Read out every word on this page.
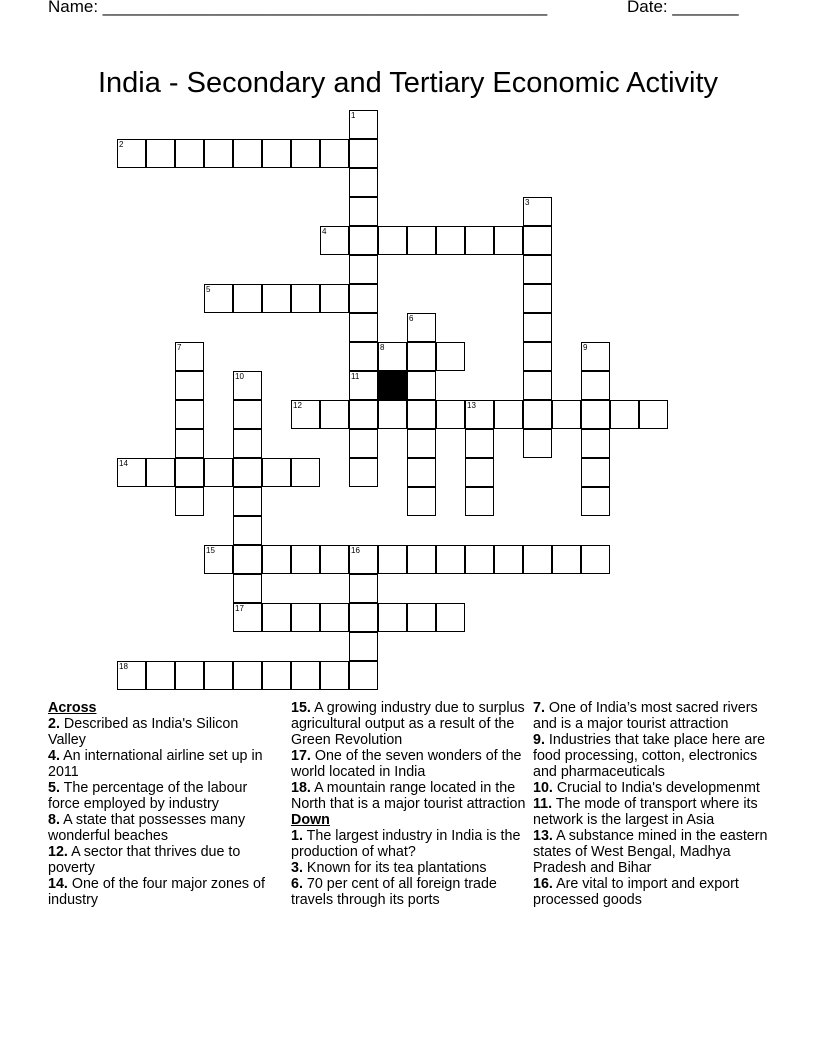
Name: _______________________________________________	Date: _______
India - Secondary and Tertiary Economic Activity
1
2
3
4
5
6
7	8	9
10	11
12	13
14
15	16
17
18
Across
2. Described as India's Silicon Valley
4. An international airline set up in 2011
5. The percentage of the labour force employed by industry
8. A state that possesses many wonderful beaches
12. A sector that thrives due to poverty
14. One of the four major zones of industry
15. A growing industry due to surplus agricultural output as a result of the Green Revolution
17. One of the seven wonders of the world located in India
18. A mountain range located in the North that is a major tourist attraction
Down
1. The largest industry in India is the production of what?
3. Known for its tea plantations
6. 70 per cent of all foreign trade travels through its ports
7. One of India’s most sacred rivers and is a major tourist attraction
9. Industries that take place here are food processing, cotton, electronics and pharmaceuticals
10. Crucial to India's developmenmt
11. The mode of transport where its network is the largest in Asia
13. A substance mined in the eastern states of West Bengal, Madhya Pradesh and Bihar
16. Are vital to import and export processed goods
